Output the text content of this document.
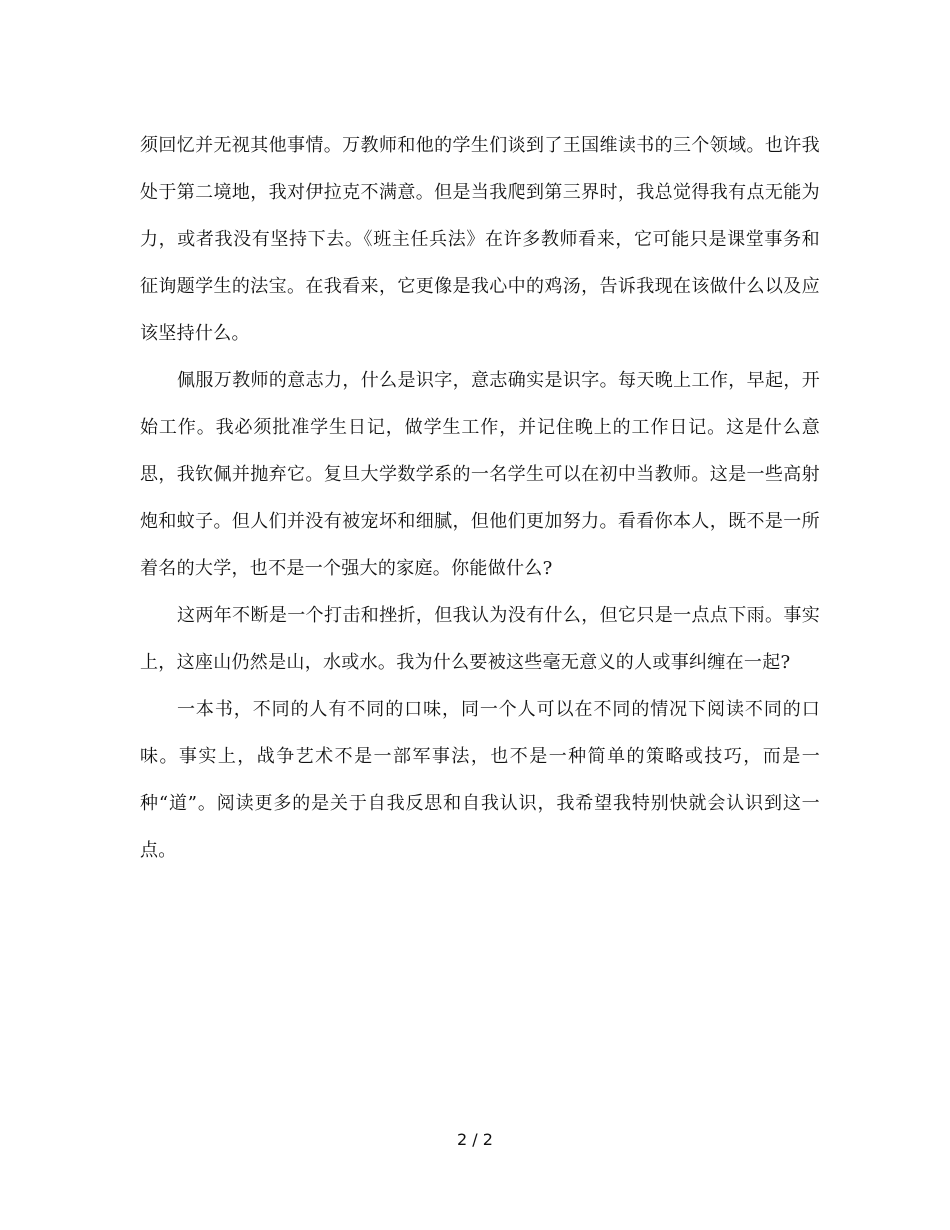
须回忆并无视其他事情。万教师和他的学生们谈到了王国维读书的三个领域。也许我处于第二境地，我对伊拉克不满意。但是当我爬到第三界时，我总觉得我有点无能为力，或者我没有坚持下去。《班主任兵法》在许多教师看来，它可能只是课堂事务和征询题学生的法宝。在我看来，它更像是我心中的鸡汤，告诉我现在该做什么以及应该坚持什么。

佩服万教师的意志力，什么是识字，意志确实是识字。每天晚上工作，早起，开始工作。我必须批准学生日记，做学生工作，并记住晚上的工作日记。这是什么意思，我钦佩并抛弃它。复旦大学数学系的一名学生可以在初中当教师。这是一些高射炮和蚊子。但人们并没有被宠坏和细腻，但他们更加努力。看看你本人，既不是一所着名的大学，也不是一个强大的家庭。你能做什么?

这两年不断是一个打击和挫折，但我认为没有什么，但它只是一点点下雨。事实上，这座山仍然是山，水或水。我为什么要被这些毫无意义的人或事纠缠在一起?

一本书，不同的人有不同的口味，同一个人可以在不同的情况下阅读不同的口味。事实上，战争艺术不是一部军事法，也不是一种简单的策略或技巧，而是一种“道”。阅读更多的是关于自我反思和自我认识，我希望我特别快就会认识到这一点。

2 / 2
